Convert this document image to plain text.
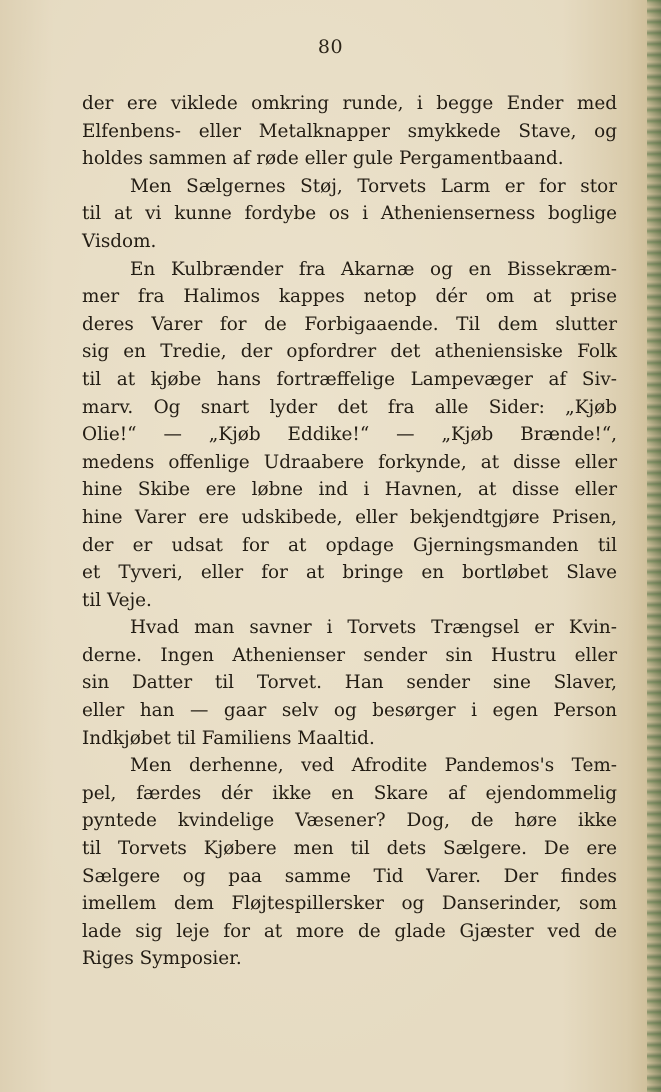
80
der ere viklede omkring runde, i begge Ender med
Elfenbens- eller Metalknapper smykkede Stave, og
holdes sammen af røde eller gule Pergamentbaand.
Men Sælgernes Støj, Torvets Larm er for stor
til at vi kunne fordybe os i Athenienserness boglige
Visdom.
En Kulbrænder fra Akarnæ og en Bissekræm-
mer fra Halimos kappes netop dér om at prise
deres Varer for de Forbigaaende. Til dem slutter
sig en Tredie, der opfordrer det atheniensiske Folk
til at kjøbe hans fortræffelige Lampevæger af Siv-
marv. Og snart lyder det fra alle Sider: „Kjøb
Olie!“ — „Kjøb Eddike!“ — „Kjøb Brænde!“,
medens offenlige Udraabere forkynde, at disse eller
hine Skibe ere løbne ind i Havnen, at disse eller
hine Varer ere udskibede, eller bekjendtgjøre Prisen,
der er udsat for at opdage Gjerningsmanden til
et Tyveri, eller for at bringe en bortløbet Slave
til Veje.
Hvad man savner i Torvets Trængsel er Kvin-
derne. Ingen Athenienser sender sin Hustru eller
sin Datter til Torvet. Han sender sine Slaver,
eller han — gaar selv og besørger i egen Person
Indkjøbet til Familiens Maaltid.
Men derhenne, ved Afrodite Pandemos's Tem-
pel, færdes dér ikke en Skare af ejendommelig
pyntede kvindelige Væsener? Dog, de høre ikke
til Torvets Kjøbere men til dets Sælgere. De ere
Sælgere og paa samme Tid Varer. Der findes
imellem dem Fløjtespillersker og Danserinder, som
lade sig leje for at more de glade Gjæster ved de
Riges Symposier.
